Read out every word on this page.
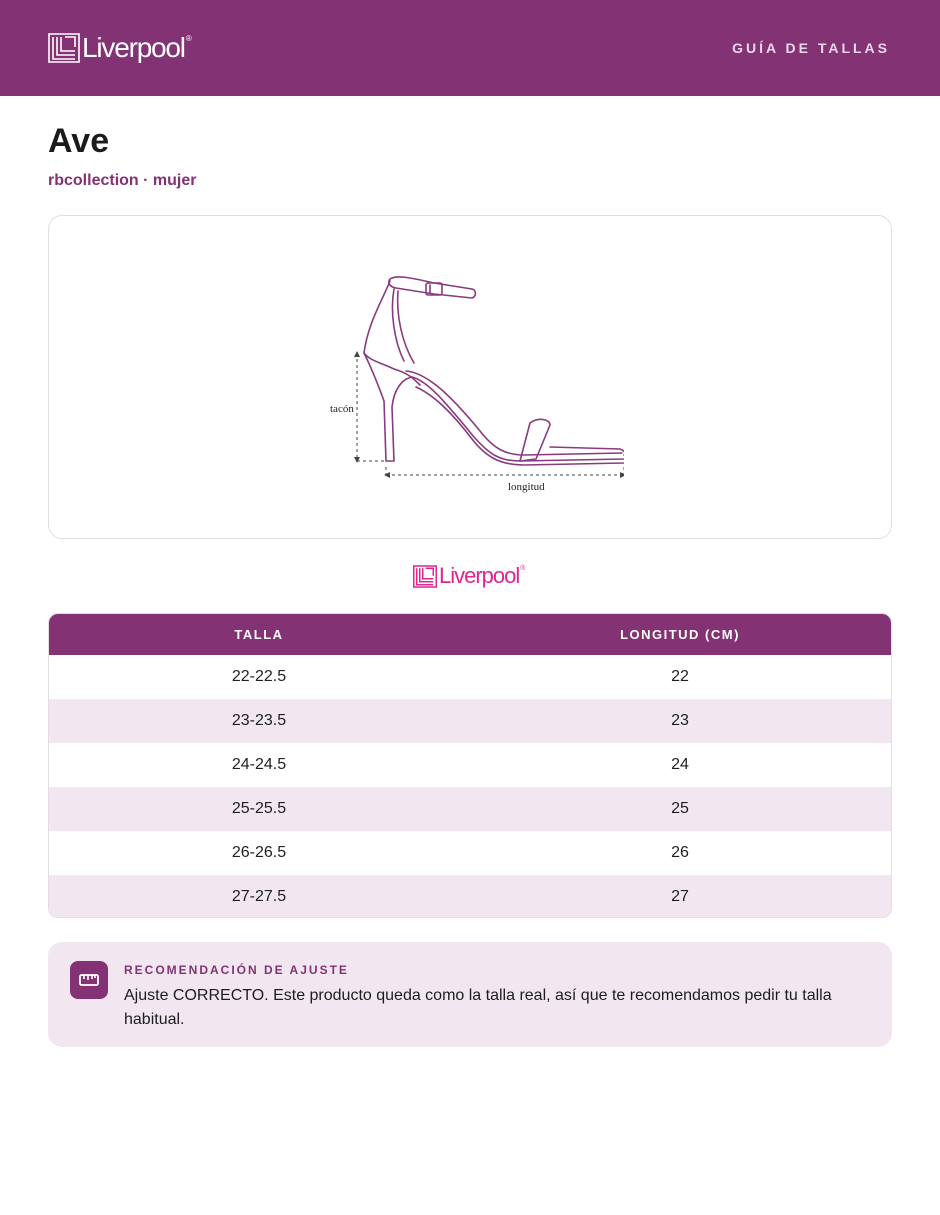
Liverpool ®
GUÍA DE TALLAS
Ave
rbcollection · mujer
tacón
longitud
Liverpool ®
TALLA	LONGITUD (CM)
22-22.5	22
23-23.5	23
24-24.5	24
25-25.5	25
26-26.5	26
27-27.5	27
RECOMENDACIÓN DE AJUSTE

Ajuste CORRECTO. Este producto queda como la talla real, así que te recomendamos pedir tu talla habitual.
